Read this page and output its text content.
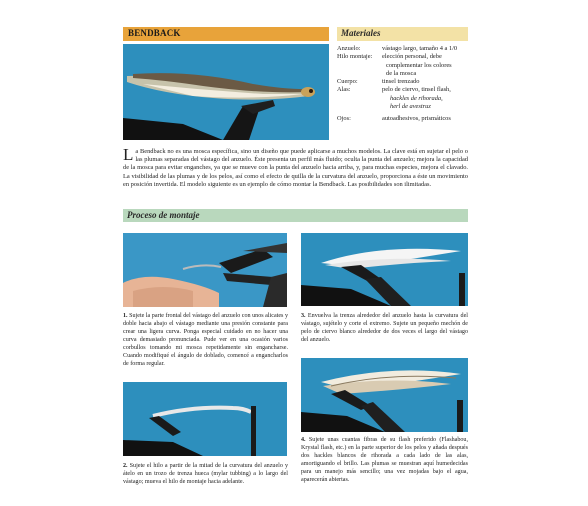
BENDBACK	Materiales
Anzuelo:	vástago largo, tamaño 4 a 1/0
Hilo montaje: elección personal, debe
complementar los colores
de la mosca
Cuerpo:	tinsel trenzado
Alas:	pelo de ciervo, tinsel flash,
hackles de rihorada,
herl de avestruz
Ojos:	autoadhesivos, prismáticos
La Bendback no es una mosca específica, sino un diseño que puede aplicarse a muchos modelos. La clave está en sujetar el pelo o las plumas separadas del vástago del anzuelo. Éste presenta un perfil más fluido; oculta la punta del anzuelo; mejora la capacidad de la mosca para evitar enganches, ya que se mueve con la punta del anzuelo hacia arriba, y, para muchas especies, mejora el clavado. La visibilidad de las plumas y de los pelos, así como el efecto de quilla de la curvatura del anzuelo, proporciona a éste un movimiento en posición invertida. El modelo siguiente es un ejemplo de cómo montar la Bendback. Las posibilidades son ilimitadas.
Proceso de montaje
1. Sujete la parte frontal del vástago del anzuelo con unos alicates y doble hacia abajo el vástago mediante una presión constante para crear una ligera curva. Ponga especial cuidado en no hacer una curva demasiado pronunciada. Pude ver en una ocasión varios corbullos tomando mi mosca repetidamente sin engancharse. Cuando modifiqué el ángulo de doblado, comencé a engancharlos de forma regular.
3. Envuelva la trenza alrededor del anzuelo hasta la curvatura del vástago, sujételo y corte el extremo. Sujete un pequeño mechón de pelo de ciervo blanco alrededor de dos veces el largo del vástago del anzuelo.
2. Sujete el hilo a partir de la mitad de la curvatura del anzuelo y átelo en un trozo de trenza hueca (mylar tubbing) a lo largo del vástago; mueva el hilo de montaje hacia adelante.
4. Sujete unas cuantas fibras de su flash preferido (Flashabou, Krystal flash, etc.) en la parte superior de los pelos y añada después dos hackles blancos de rihorada a cada lado de las alas, amortiguando el brillo. Las plumas se muestran aquí humedecidas para un manejo más sencillo; una vez mojadas bajo el agua, aparecerán abiertas.
